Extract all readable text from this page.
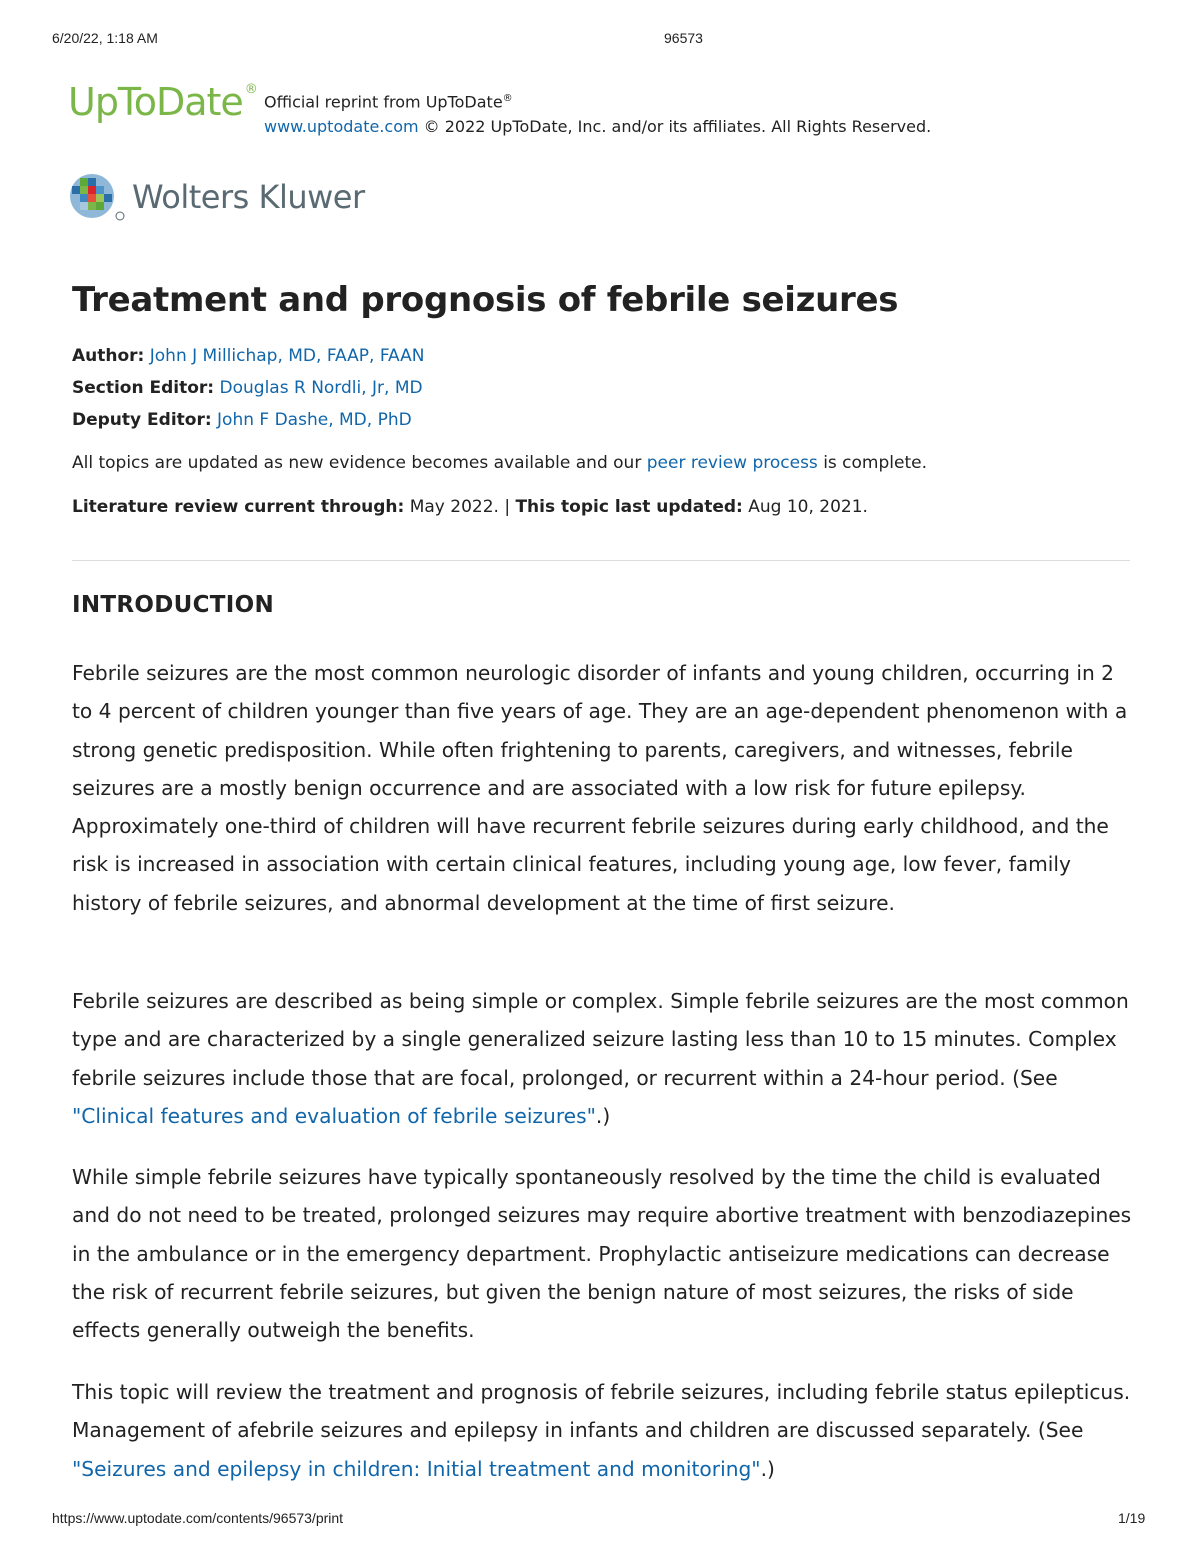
6/20/22, 1:18 AM	96573
UpToDate ®
Official reprint from UpToDate®
www.uptodate.com © 2022 UpToDate, Inc. and/or its affiliates. All Rights Reserved.
Wolters Kluwer
Treatment and prognosis of febrile seizures
Author: John J Millichap, MD, FAAP, FAAN
Section Editor: Douglas R Nordli, Jr, MD
Deputy Editor: John F Dashe, MD, PhD
All topics are updated as new evidence becomes available and our peer review process is complete.
Literature review current through: May 2022. | This topic last updated: Aug 10, 2021.
INTRODUCTION

Febrile seizures are the most common neurologic disorder of infants and young children, occurring in 2 to 4 percent of children younger than five years of age. They are an age-dependent phenomenon with a strong genetic predisposition. While often frightening to parents, caregivers, and witnesses, febrile seizures are a mostly benign occurrence and are associated with a low risk for future epilepsy. Approximately one-third of children will have recurrent febrile seizures during early childhood, and the risk is increased in association with certain clinical features, including young age, low fever, family history of febrile seizures, and abnormal development at the time of first seizure.

Febrile seizures are described as being simple or complex. Simple febrile seizures are the most common type and are characterized by a single generalized seizure lasting less than 10 to 15 minutes. Complex febrile seizures include those that are focal, prolonged, or recurrent within a 24-hour period. (See "Clinical features and evaluation of febrile seizures".)

While simple febrile seizures have typically spontaneously resolved by the time the child is evaluated and do not need to be treated, prolonged seizures may require abortive treatment with benzodiazepines in the ambulance or in the emergency department. Prophylactic antiseizure medications can decrease the risk of recurrent febrile seizures, but given the benign nature of most seizures, the risks of side effects generally outweigh the benefits.

This topic will review the treatment and prognosis of febrile seizures, including febrile status epilepticus. Management of afebrile seizures and epilepsy in infants and children are discussed separately. (See "Seizures and epilepsy in children: Initial treatment and monitoring".)

https://www.uptodate.com/contents/96573/print	1/19
